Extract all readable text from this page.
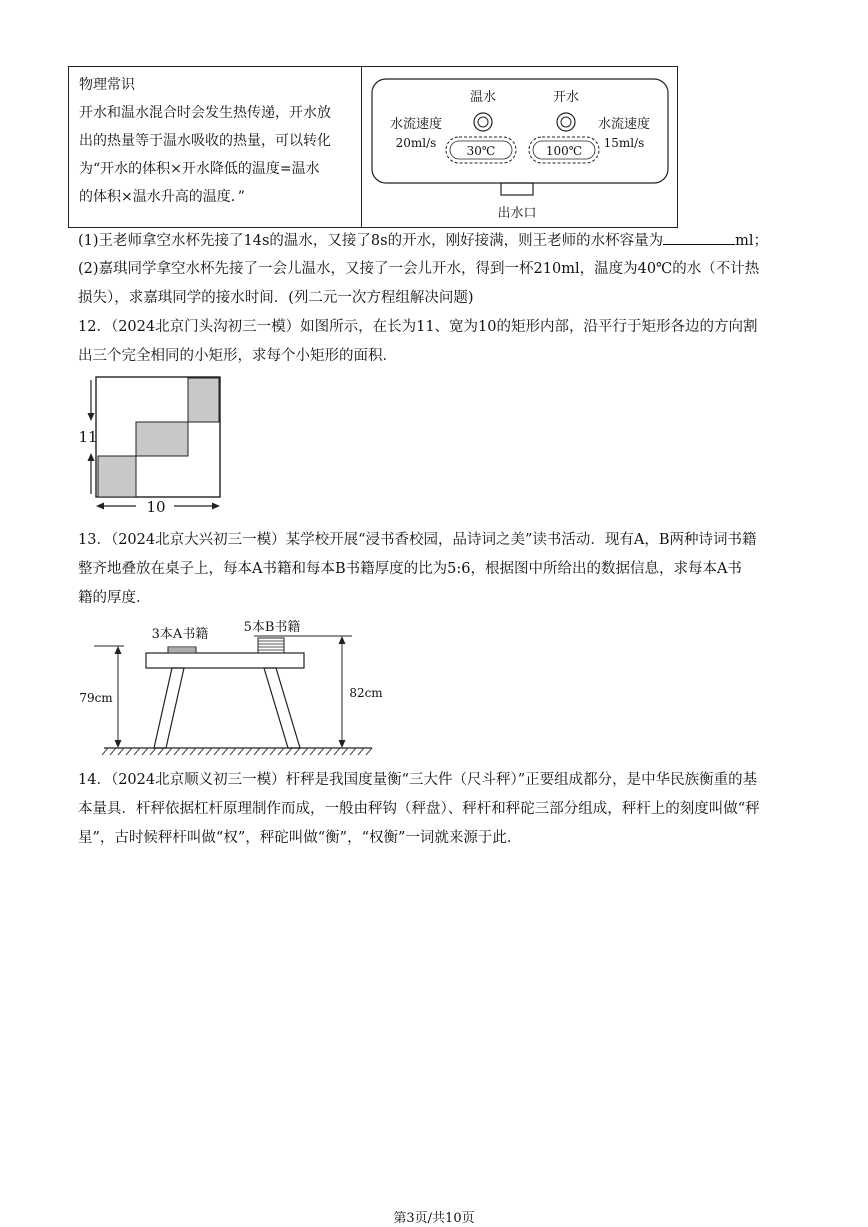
物理常识
开水和温水混合时会发生热传递，开水放
出的热量等于温水吸收的热量，可以转化
为“开水的体积×开水降低的温度=温水
的体积×温水升高的温度．”
温水	开水
水流速度
20ml/s
水流速度
15ml/s
30℃	100℃
出水口
(1)王老师拿空水杯先接了14s的温水，又接了8s的开水，刚好接满，则王老师的水杯容量为	ml；
(2)嘉琪同学拿空水杯先接了一会儿温水，又接了一会儿开水，得到一杯210ml，温度为40℃的水（不计热
损失），求嘉琪同学的接水时间．(列二元一次方程组解决问题)
12．（2024北京门头沟初三一模）如图所示，在长为11、宽为10的矩形内部，沿平行于矩形各边的方向割
出三个完全相同的小矩形，求每个小矩形的面积．
11
10
13．（2024北京大兴初三一模）某学校开展“浸书香校园，品诗词之美”读书活动．现有A，B两种诗词书籍
整齐地叠放在桌子上，每本A书籍和每本B书籍厚度的比为5:6，根据图中所给出的数据信息，求每本A书
籍的厚度．
3本A书籍	5本B书籍
79cm	82cm
14．（2024北京顺义初三一模）杆秤是我国度量衡“三大件（尺斗秤）”正要组成都分，是中华民族衡重的基
本量具．杆秤依据杠杆原理制作而成，一般由秤钩（秤盘）、秤杆和秤砣三部分组成，秤杆上的刻度叫做“秤
星”，古时候秤杆叫做“权”，秤砣叫做“衡”，“权衡”一词就来源于此．
第3页/共10页
